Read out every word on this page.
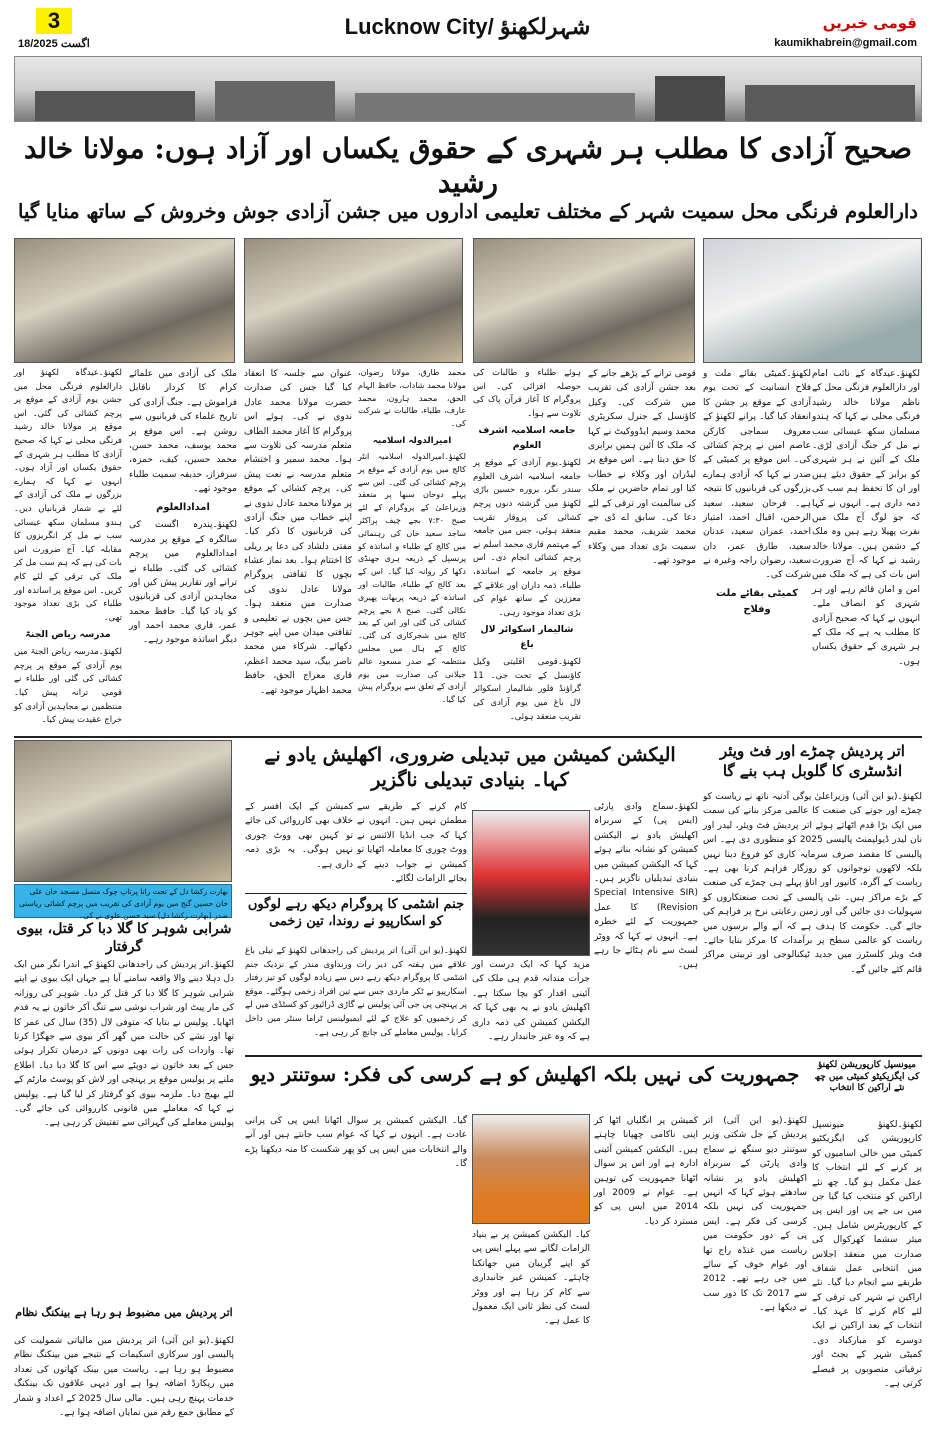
3
18/اگست 2025
Lucknow City/ شہرلکھنؤ	قومی خبریں
kaumikhabrein@gmail.com
صحیح آزادی کا مطلب ہر شہری کے حقوق یکساں اور آزاد ہوں: مولانا خالد رشید
دارالعلوم فرنگی محل سمیت شہر کے مختلف تعلیمی اداروں میں جشن آزادی جوش وخروش کے ساتھ منایا گیا

لکھنؤ۔عیدگاہ لکھنؤ اور دارالعلوم فرنگی محل میں جشن یوم آزادی کے موقع پر پرچم کشائی کی گئی۔ اس موقع پر مولانا خالد رشید فرنگی محلی نے کہا کہ صحیح آزادی کا مطلب ہر شہری کے حقوق یکساں اور آزاد ہوں۔ انہوں نے کہا کہ ہمارے بزرگوں نے ملک کی آزادی کے لئے بے شمار قربانیاں دیں۔ ہندو مسلمان سکھ عیسائی سب نے مل کر انگریزوں کا مقابلہ کیا۔ آج ضرورت اس بات کی ہے کہ ہم سب مل کر ملک کی ترقی کے لئے کام کریں۔ اس موقع پر اساتذہ اور طلباء کی بڑی تعداد موجود تھی۔

مدرسہ ریاض الجنۃ

لکھنؤ۔مدرسہ ریاض الجنۃ میں یوم آزادی کے موقع پر پرچم کشائی کی گئی اور طلباء نے قومی ترانہ پیش کیا۔ منتظمین نے مجاہدین آزادی کو خراج عقیدت پیش کیا۔

ملک کی آزادی میں علمائے کرام کا کردار ناقابل فراموش ہے۔ جنگ آزادی کی تاریخ علماء کی قربانیوں سے روشن ہے۔ اس موقع پر محمد یوسف، محمد حسن، محمد حسین، کیف، حمزہ، سرفراز، حذیفہ سمیت طلباء موجود تھے۔

امدادالعلوم

لکھنؤ۔پندرہ اگست کی سالگرہ کے موقع پر مدرسہ امدادالعلوم میں پرچم کشائی کی گئی۔ طلباء نے ترانے اور تقاریر پیش کیں اور مجاہدین آزادی کی قربانیوں کو یاد کیا گیا۔ حافظ محمد عمر، قاری محمد احمد اور دیگر اساتذہ موجود رہے۔

عنوان سے جلسہ کا انعقاد کیا گیا جس کی صدارت حضرت مولانا محمد عادل ندوی نے کی۔ ہوئے اس پروگرام کا آغاز محمد الطاف متعلم مدرسہ کی تلاوت سے ہوا۔ محمد سمیر و اختشام متعلم مدرسہ نے نعت پیش کی۔ پرچم کشائی کے موقع پر مولانا محمد عادل ندوی نے اپنے خطاب میں جنگ آزادی کی قربانیوں کا ذکر کیا۔ مفتی دلشاد کی دعا پر ریلی کا اختتام ہوا۔ بعد نماز عشاء بچوں کا ثقافتی پروگرام مولانا عادل ندوی کی صدارت میں منعقد ہوا۔ جس میں بچوں نے تعلیمی و ثقافتی میدان میں اپنے جوہر دکھائے۔ شرکاء میں محمد ناصر بیگ، سید محمد اعظم، قاری معراج الحق، حافظ محمد اظہار موجود تھے۔

محمد طارق، مولانا رضوان، مولانا محمد شاداب، حافظ الہام الحق، محمد ہارون، محمد عارف، طلباء، طالبات نے شرکت کی۔

امیرالدولہ اسلامیہ

لکھنؤ۔امیرالدولہ اسلامیہ انٹر کالج میں یوم آزادی کے موقع پر پرچم کشائی کی گئی۔ اس سے پہلے دوحان سبھا پر منعقد وزیراعلیٰ کے پروگرام کے لئے صبح ۷:۳۰ بجے چیف پراکٹر ساجد سعید خاں کی رہنمائی میں کالج کے طلباء و اساتذہ کو پرنسپل کے ذریعہ ہری جھنڈی دکھا کر روانہ کیا گیا۔ اس کے بعد کالج کے طلباء، طالبات اور اساتذہ کے ذریعہ پربھات پھیری نکالی گئی۔ صبح ۸ بجے پرچم کشائی کی گئی اور اس کے بعد کالج میں شجرکاری کی گئی۔ کالج کے ہال میں مجلس منتظمہ کے صدر مسعود عالم جیلانی کی صدارت میں یوم آزادی کے تعلق سے پروگرام پیش کیا گیا۔

ہوئے طلباء و طالبات کی حوصلہ افزائی کی۔ اس پروگرام کا آغاز قرآن پاک کی تلاوت سے ہوا۔

جامعہ اسلامیہ اشرف العلوم

لکھنؤ۔یوم آزادی کے موقع پر جامعہ اسلامیہ اشرف العلوم سندر نگر، بروره حسین باڑی لکھنؤ میں گزشتہ دنوں پرچم کشائی کی پروقار تقریب منعقد ہوئی، جس میں جامعہ کے مہتمم قاری محمد اسلم نے پرچم کشائی انجام دی۔ اس موقع پر جامعہ کے اساتذہ، طلباء، ذمہ داران اور علاقے کے معززین کے ساتھ عوام کی بڑی تعداد موجود رہی۔

شالیمار اسکوائر لال باغ

لکھنؤ۔قومی اقلیتی وکیل کاؤنسل کے تحت جی۔ 11 گراؤنڈ فلور شالیمار اسکوائر لال باغ میں یوم آزادی کی تقریب منعقد ہوئی۔

قومی ترانے کے پڑھے جانے کے بعد جشن آزادی کی تقریب میں شرکت کی۔ وکیل کاؤنسل کے جنرل سکریٹری محمد وسیم ایڈووکیٹ نے کہا کہ ملک کا آئین ہمیں برابری کا حق دیتا ہے۔ اس موقع پر لیڈران اور وکلاء نے خطاب کیا اور تمام حاضرین نے ملک کی سالمیت اور ترقی کے لئے دعا کی۔ سابق اے ڈی جے محمد شریف، محمد مقیم سمیت بڑی تعداد میں وکلاء موجود تھے۔

لکھنؤ۔کمیٹی بقائے ملت و فلاح انسانیت کے تحت یوم آزادی کے موقع پر جشن کا انعقاد کیا گیا۔ پرانے لکھنؤ کے معروف سماجی کارکن عاصم امین نے پرچم کشائی کی۔ اس موقع پر کمیٹی کے صدر نے کہا کہ آزادی ہمارے بزرگوں کی قربانیوں کا نتیجہ ہے۔ فرحان سعید، سعید الرحمن، اقبال احمد، امتیاز احمد، عمران سعید، عدنان سعید، طارق عمر، دان سعید، رضوان راجہ وغیرہ نے شرکت کی۔

کمیٹی بقائے ملت وفلاح

لکھنؤ۔عیدگاہ کے نائب امام اور دارالعلوم فرنگی محل کے ناظم مولانا خالد رشید فرنگی محلی نے کہا کہ ہندو مسلمان سکھ عیسائی سب نے مل کر جنگ آزادی لڑی۔ ملک کے آئین نے ہر شہری کو برابر کے حقوق دیئے ہیں اور ان کا تحفظ ہم سب کی ذمہ داری ہے۔ انہوں نے کہا کہ جو لوگ آج ملک میں نفرت پھیلا رہے ہیں وہ ملک کے دشمن ہیں۔ مولانا خالد رشید نے کہا کہ آج ضرورت اس بات کی ہے کہ ملک میں امن و امان قائم رہے اور ہر شہری کو انصاف ملے۔ انہوں نے کہا کہ صحیح آزادی کا مطلب یہ ہے کہ ملک کے ہر شہری کے حقوق یکساں ہوں۔

بھارت رکشا دل کے تحت رانا پرتاپ چوک متصل مسجد خان علی خان حسین گنج میں یوم آزادی کی تقریب میں پرچم کشائی ریاستی صدر (بھارت رکشا دل) سید حسن علوی نے کی۔
شرابی شوہر کا گلا دبا کر قتل، بیوی گرفتار
لکھنؤ۔اتر پردیش کی راجدھانی لکھنؤ کے اندرا نگر میں ایک دل دہلا دینے والا واقعہ سامنے آیا ہے جہاں ایک بیوی نے اپنے شرابی شوہر کا گلا دبا کر قتل کر دیا۔ شوہر کی روزانہ کی مار پیٹ اور شراب نوشی سے تنگ آکر خاتون نے یہ قدم اٹھایا۔ پولیس نے بتایا کہ متوفی لال (35) سال کی عمر کا تھا اور نشے کی حالت میں گھر آکر بیوی سے جھگڑا کرتا تھا۔ واردات کی رات بھی دونوں کے درمیان تکرار ہوئی جس کے بعد خاتون نے دوپٹے سے اس کا گلا دبا دیا۔ اطلاع ملنے پر پولیس موقع پر پہنچی اور لاش کو پوسٹ مارٹم کے لئے بھیج دیا۔ ملزمہ بیوی کو گرفتار کر لیا گیا ہے۔ پولیس نے کہا کہ معاملے میں قانونی کارروائی کی جائے گی۔ پولیس معاملے کی گہرائی سے تفتیش کر رہی ہے۔
اتر پردیش میں مضبوط ہو رہا ہے بینکنگ نظام
لکھنؤ۔(یو این آئی) اتر پردیش میں مالیاتی شمولیت کی پالیسی اور سرکاری اسکیمات کے نتیجے میں بینکنگ نظام مضبوط ہو رہا ہے۔ ریاست میں بینک کھاتوں کی تعداد میں ریکارڈ اضافہ ہوا ہے اور دیہی علاقوں تک بینکنگ خدمات پہنچ رہی ہیں۔ مالی سال 2025 کے اعداد و شمار کے مطابق جمع رقم میں نمایاں اضافہ ہوا ہے۔
الیکشن کمیشن میں تبدیلی ضروری، اکھلیش یادو نے کہا۔ بنیادی تبدیلی ناگزیر
لکھنؤ۔سماج وادی پارٹی (ایس پی) کے سربراہ اکھلیش یادو نے الیکشن کمیشن کو نشانہ بناتے ہوئے کہا کہ الیکشن کمیشن میں بنیادی تبدیلیاں ناگزیر ہیں۔ (Special Intensive SIR (Revision کا عمل جمہوریت کے لئے خطرہ ہے۔ انہوں نے کہا کہ ووٹر لسٹ سے نام ہٹائے جا رہے ہیں۔
مزید کہا کہ ایک درست اور جرأت مندانہ قدم ہی ملک کی آئینی اقدار کو بچا سکتا ہے۔ اکھلیش یادو نے یہ بھی کہا کہ الیکشن کمیشن کی ذمہ داری ہے کہ وہ غیر جانبدار رہے۔
کام کرنے کے طریقے سے مطمئن نہیں ہیں۔ انہوں نے کہا کہ جب انڈیا الائنس نے ووٹ چوری کا معاملہ اٹھایا تو کمیشن نے جواب دینے کے بجائے الزامات لگائے۔
کمیشن کے ایک افسر کے خلاف بھی کارروائی کی جائے تو کہیں بھی ووٹ چوری نہیں ہوگی۔ یہ بڑی ذمہ داری ہے۔
جنم اشٹمی کا پروگرام دیکھ رہے لوگوں کو اسکارپیو نے روندا، تین زخمی
لکھنؤ۔(یو این آئی) اتر پردیش کی راجدھانی لکھنؤ کے تیلی باغ علاقے میں ہفتہ کی دیر رات ورنداوی مندر کے نزدیک جنم اشٹمی کا پروگرام دیکھ رہے دس سے زیادہ لوگوں کو تیز رفتار اسکارپیو نے ٹکر ماردی جس سے تین افراد زخمی ہوگئے۔ موقع پر پہنچی پی جی آئی پولیس نے گاڑی ڈرائیور کو کسٹڈی میں لے کر زخمیوں کو علاج کے لئے ایمبولینس ٹراما سنٹر میں داخل کرایا۔ پولیس معاملے کی جانچ کر رہی ہے۔
اتر پردیش چمڑے اور فٹ ویئر انڈسٹری کا گلوبل ہب بنے گا
لکھنؤ۔(یو این آئی) وزیراعلیٰ یوگی آدتیہ ناتھ نے ریاست کو چمڑے اور جوتے کی صنعت کا عالمی مرکز بنانے کی سمت میں ایک بڑا قدم اٹھاتے ہوئے اتر پردیش فٹ ویئر، لیدر اور نان لیدر ڈیولپمنٹ پالیسی 2025 کو منظوری دی ہے۔ اس پالیسی کا مقصد صرف سرمایہ کاری کو فروغ دینا نہیں بلکہ لاکھوں نوجوانوں کو روزگار فراہم کرنا بھی ہے۔ ریاست کے آگرہ، کانپور اور اناؤ پہلے ہی چمڑے کی صنعت کے بڑے مراکز ہیں۔ نئی پالیسی کے تحت صنعتکاروں کو سہولیات دی جائیں گی اور زمین رعایتی نرخ پر فراہم کی جائے گی۔ حکومت کا ہدف ہے کہ آنے والے برسوں میں ریاست کو عالمی سطح پر برآمدات کا مرکز بنایا جائے۔ فٹ ویئر کلسٹرز میں جدید ٹیکنالوجی اور تربیتی مراکز قائم کئے جائیں گے۔
جمہوریت کی نہیں بلکہ اکھلیش کو ہے کرسی کی فکر: سوتنتر دیو
لکھنؤ۔(یو این آئی) اتر پردیش کے جل شکتی وزیر سوتنتر دیو سنگھ نے سماج وادی پارٹی کے سربراہ اکھلیش یادو پر نشانہ سادھتے ہوئے کہا کہ انہیں جمہوریت کی نہیں بلکہ کرسی کی فکر ہے۔ ایس پی کے دور حکومت میں ریاست میں غنڈہ راج تھا اور عوام خوف کے سائے میں جی رہے تھے۔ 2012 سے 2017 تک کا دور سب نے دیکھا ہے۔
کمیشن پر انگلیاں اٹھا کر اپنی ناکامی چھپانا چاہتے ہیں۔ الیکشن کمیشن آئینی ادارہ ہے اور اس پر سوال اٹھانا جمہوریت کی توہین ہے۔ عوام نے 2009 اور 2014 میں ایس پی کو مسترد کر دیا۔
کیا۔ الیکشن کمیشن پر بے بنیاد الزامات لگانے سے پہلے ایس پی کو اپنے گریبان میں جھانکنا چاہئے۔ کمیشن غیر جانبداری سے کام کر رہا ہے اور ووٹر لسٹ کی نظر ثانی ایک معمول کا عمل ہے۔
گیا۔ الیکشن کمیشن پر سوال اٹھانا ایس پی کی پرانی عادت ہے۔ انہوں نے کہا کہ عوام سب جانتے ہیں اور آنے والے انتخابات میں ایس پی کو پھر شکست کا منہ دیکھنا پڑے گا۔
میونسپل کارپوریشن لکھنؤ کی ایگزیکیٹو کمیٹی میں چھ نئے اراکین کا انتخاب
لکھنؤ۔لکھنؤ میونسپل کارپوریشن کی ایگزیکٹیو کمیٹی میں خالی اسامیوں کو پر کرنے کے لئے انتخاب کا عمل مکمل ہو گیا۔ چھ نئے اراکین کو منتخب کیا گیا جن میں بی جے پی اور ایس پی کے کارپوریٹرس شامل ہیں۔ میئر سشما کھرکوال کی صدارت میں منعقد اجلاس میں انتخابی عمل شفاف طریقے سے انجام دیا گیا۔ نئے اراکین نے شہر کی ترقی کے لئے کام کرنے کا عہد کیا۔ انتخاب کے بعد اراکین نے ایک دوسرے کو مبارکباد دی۔ کمیٹی شہر کے بجٹ اور ترقیاتی منصوبوں پر فیصلے کرتی ہے۔
